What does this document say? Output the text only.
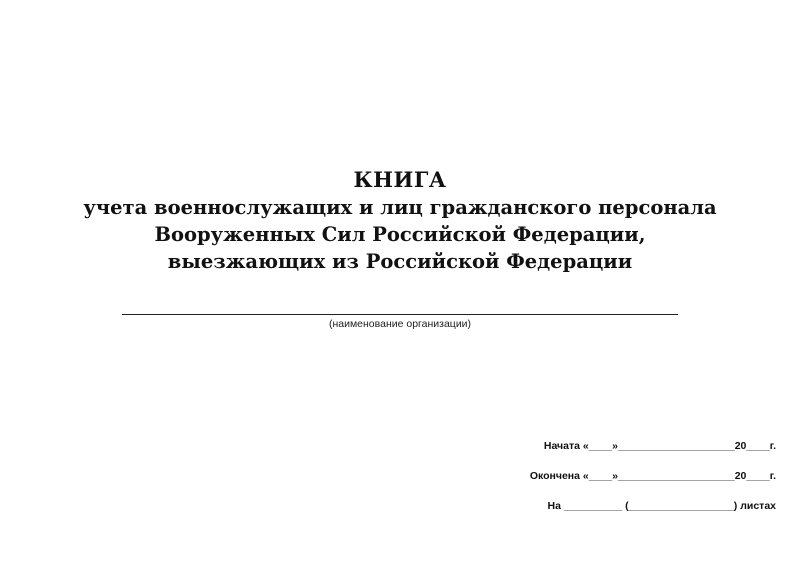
КНИГА
учета военнослужащих и лиц гражданского персонала
Вооруженных Сил Российской Федерации,
выезжающих из Российской Федерации
(наименование организации)
Начата «____»____________________20____г.
Окончена «____»____________________20____г.
На __________ (__________________) листах
